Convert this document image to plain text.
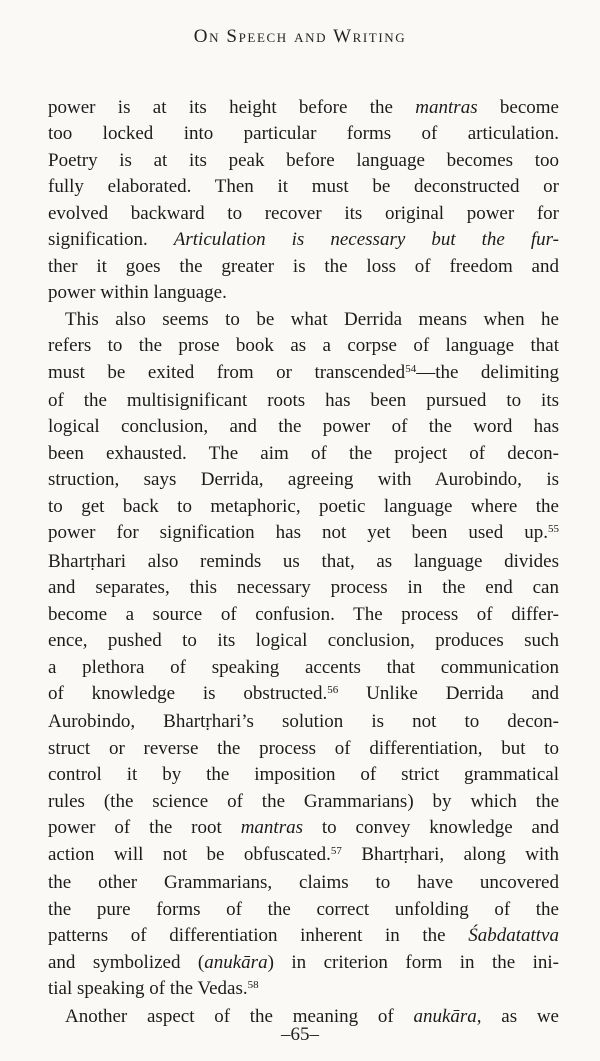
On Speech and Writing
power is at its height before the mantras become
too locked into particular forms of articulation.
Poetry is at its peak before language becomes too
fully elaborated. Then it must be deconstructed or
evolved backward to recover its original power for
signification. Articulation is necessary but the fur-
ther it goes the greater is the loss of freedom and
power within language.
This also seems to be what Derrida means when he
refers to the prose book as a corpse of language that
must be exited from or transcended$^{54}$—the delimiting
of the multisignificant roots has been pursued to its
logical conclusion, and the power of the word has
been exhausted. The aim of the project of decon-
struction, says Derrida, agreeing with Aurobindo, is
to get back to metaphoric, poetic language where the
power for signification has not yet been used up.$^{55}$
Bhartṛhari also reminds us that, as language divides
and separates, this necessary process in the end can
become a source of confusion. The process of differ-
ence, pushed to its logical conclusion, produces such
a plethora of speaking accents that communication
of knowledge is obstructed.$^{56}$ Unlike Derrida and
Aurobindo, Bhartṛhari’s solution is not to decon-
struct or reverse the process of differentiation, but to
control it by the imposition of strict grammatical
rules (the science of the Grammarians) by which the
power of the root mantras to convey knowledge and
action will not be obfuscated.$^{57}$ Bhartṛhari, along with
the other Grammarians, claims to have uncovered
the pure forms of the correct unfolding of the
patterns of differentiation inherent in the Śabdatattva
and symbolized (anukāra) in criterion form in the ini-
tial speaking of the Vedas.$^{58}$
Another aspect of the meaning of anukāra, as we
–65–
